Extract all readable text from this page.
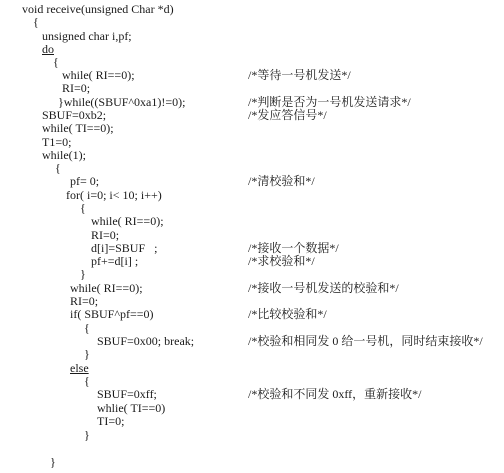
void receive(unsigned Char *d)
{
unsigned char i,pf;
do
{
while( RI==0);	/*等待一号机发送*/
RI=0;
}while((SBUF^0xa1)!=0);	/*判断是否为一号机发送请求*/
SBUF=0xb2;	/*发应答信号*/
while( TI==0);
T1=0;
while(1);
{
pf= 0;	/*清校验和*/
for( i=0; i< 10; i++)
{
while( RI==0);
RI=0;
d[i]=SBUF   ;	/*接收一个数据*/
pf+=d[i] ;	/*求校验和*/
}
while( RI==0);	/*接收一号机发送的校验和*/
RI=0;
if( SBUF^pf==0)	/*比较校验和*/
{
SBUF=0x00; break;	/*校验和相同发 0 给一号机，同时结束接收*/
}
else
{
SBUF=0xff;	/*校验和不同发 0xff，重新接收*/
whlie( TI==0)
TI=0;
}
}
